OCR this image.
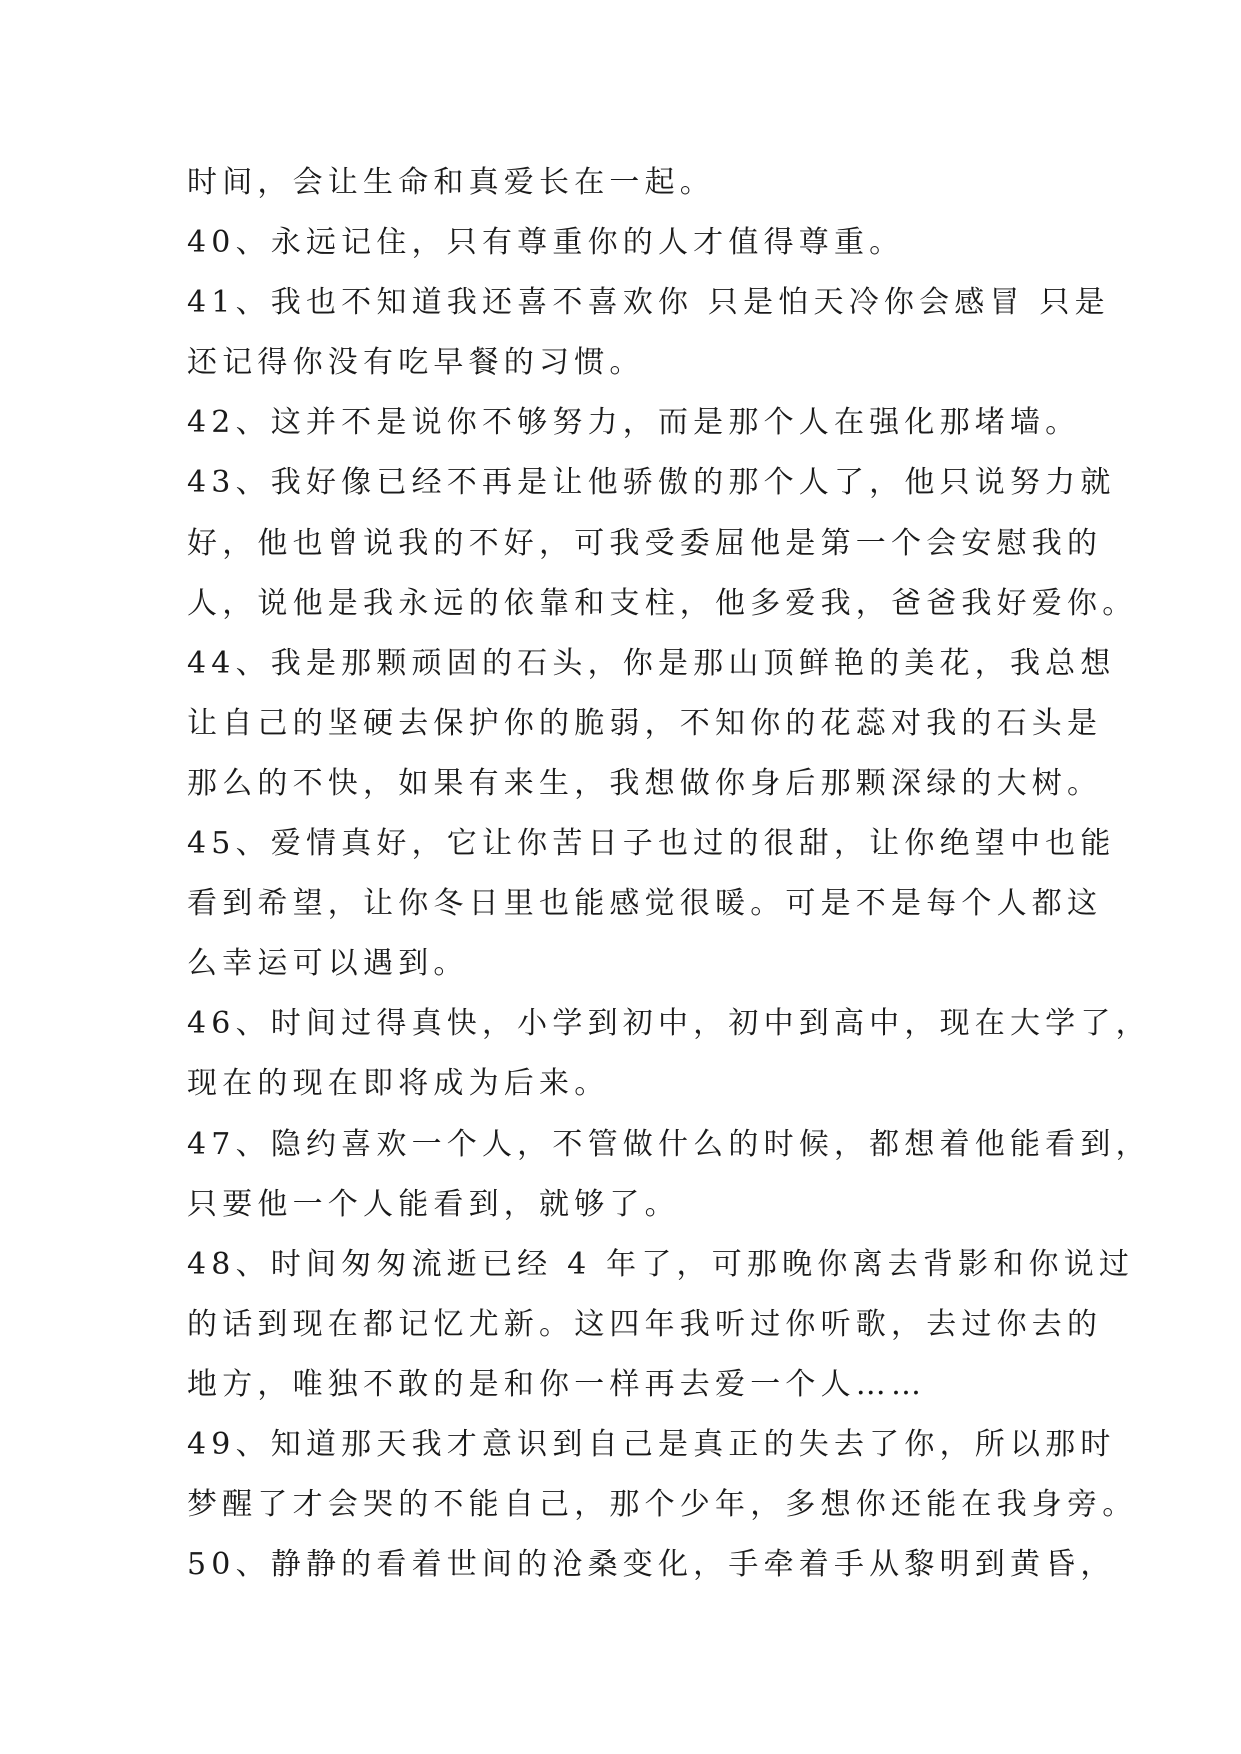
时间，会让生命和真爱长在一起。
40、永远记住，只有尊重你的人才值得尊重。
41、我也不知道我还喜不喜欢你 只是怕天冷你会感冒 只是
还记得你没有吃早餐的习惯。
42、这并不是说你不够努力，而是那个人在强化那堵墙。
43、我好像已经不再是让他骄傲的那个人了，他只说努力就
好，他也曾说我的不好，可我受委屈他是第一个会安慰我的
人，说他是我永远的依靠和支柱，他多爱我，爸爸我好爱你。
44、我是那颗顽固的石头，你是那山顶鲜艳的美花，我总想
让自己的坚硬去保护你的脆弱，不知你的花蕊对我的石头是
那么的不快，如果有来生，我想做你身后那颗深绿的大树。
45、爱情真好，它让你苦日子也过的很甜，让你绝望中也能
看到希望，让你冬日里也能感觉很暖。可是不是每个人都这
么幸运可以遇到。
46、时间过得真快，小学到初中，初中到高中，现在大学了，
现在的现在即将成为后来。
47、隐约喜欢一个人，不管做什么的时候，都想着他能看到，
只要他一个人能看到，就够了。
48、时间匆匆流逝已经 4 年了，可那晚你离去背影和你说过
的话到现在都记忆尤新。这四年我听过你听歌，去过你去的
地方，唯独不敢的是和你一样再去爱一个人……
49、知道那天我才意识到自己是真正的失去了你，所以那时
梦醒了才会哭的不能自己，那个少年，多想你还能在我身旁。
50、静静的看着世间的沧桑变化，手牵着手从黎明到黄昏，
